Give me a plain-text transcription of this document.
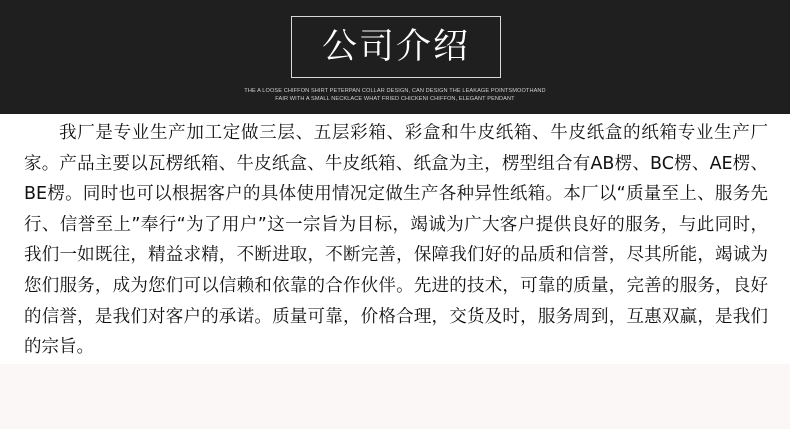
公司介绍
THE A LOOSE CHIFFON SHIRT PETERPAN COLLAR DESIGN, CAN DESIGN THE LEAKAGE POINTSMOOTHAND
FAIR WITH A SMALL NECKLACE WHAT FRIED CHICKENI CHIFFON, ELEGANT PENDANT

我厂是专业生产加工定做三层、五层彩箱、彩盒和牛皮纸箱、牛皮纸盒的纸箱专业生产厂家。产品主要以瓦楞纸箱、牛皮纸盒、牛皮纸箱、纸盒为主，楞型组合有AB楞、BC楞、AE楞、BE楞。同时也可以根据客户的具体使用情况定做生产各种异性纸箱。本厂以“质量至上、服务先行、信誉至上”奉行“为了用户”这一宗旨为目标，竭诚为广大客户提供良好的服务，与此同时，我们一如既往，精益求精，不断进取，不断完善，保障我们好的品质和信誉，尽其所能，竭诚为您们服务，成为您们可以信赖和依靠的合作伙伴。先进的技术，可靠的质量，完善的服务，良好的信誉，是我们对客户的承诺。质量可靠，价格合理，交货及时，服务周到，互惠双赢，是我们的宗旨。
